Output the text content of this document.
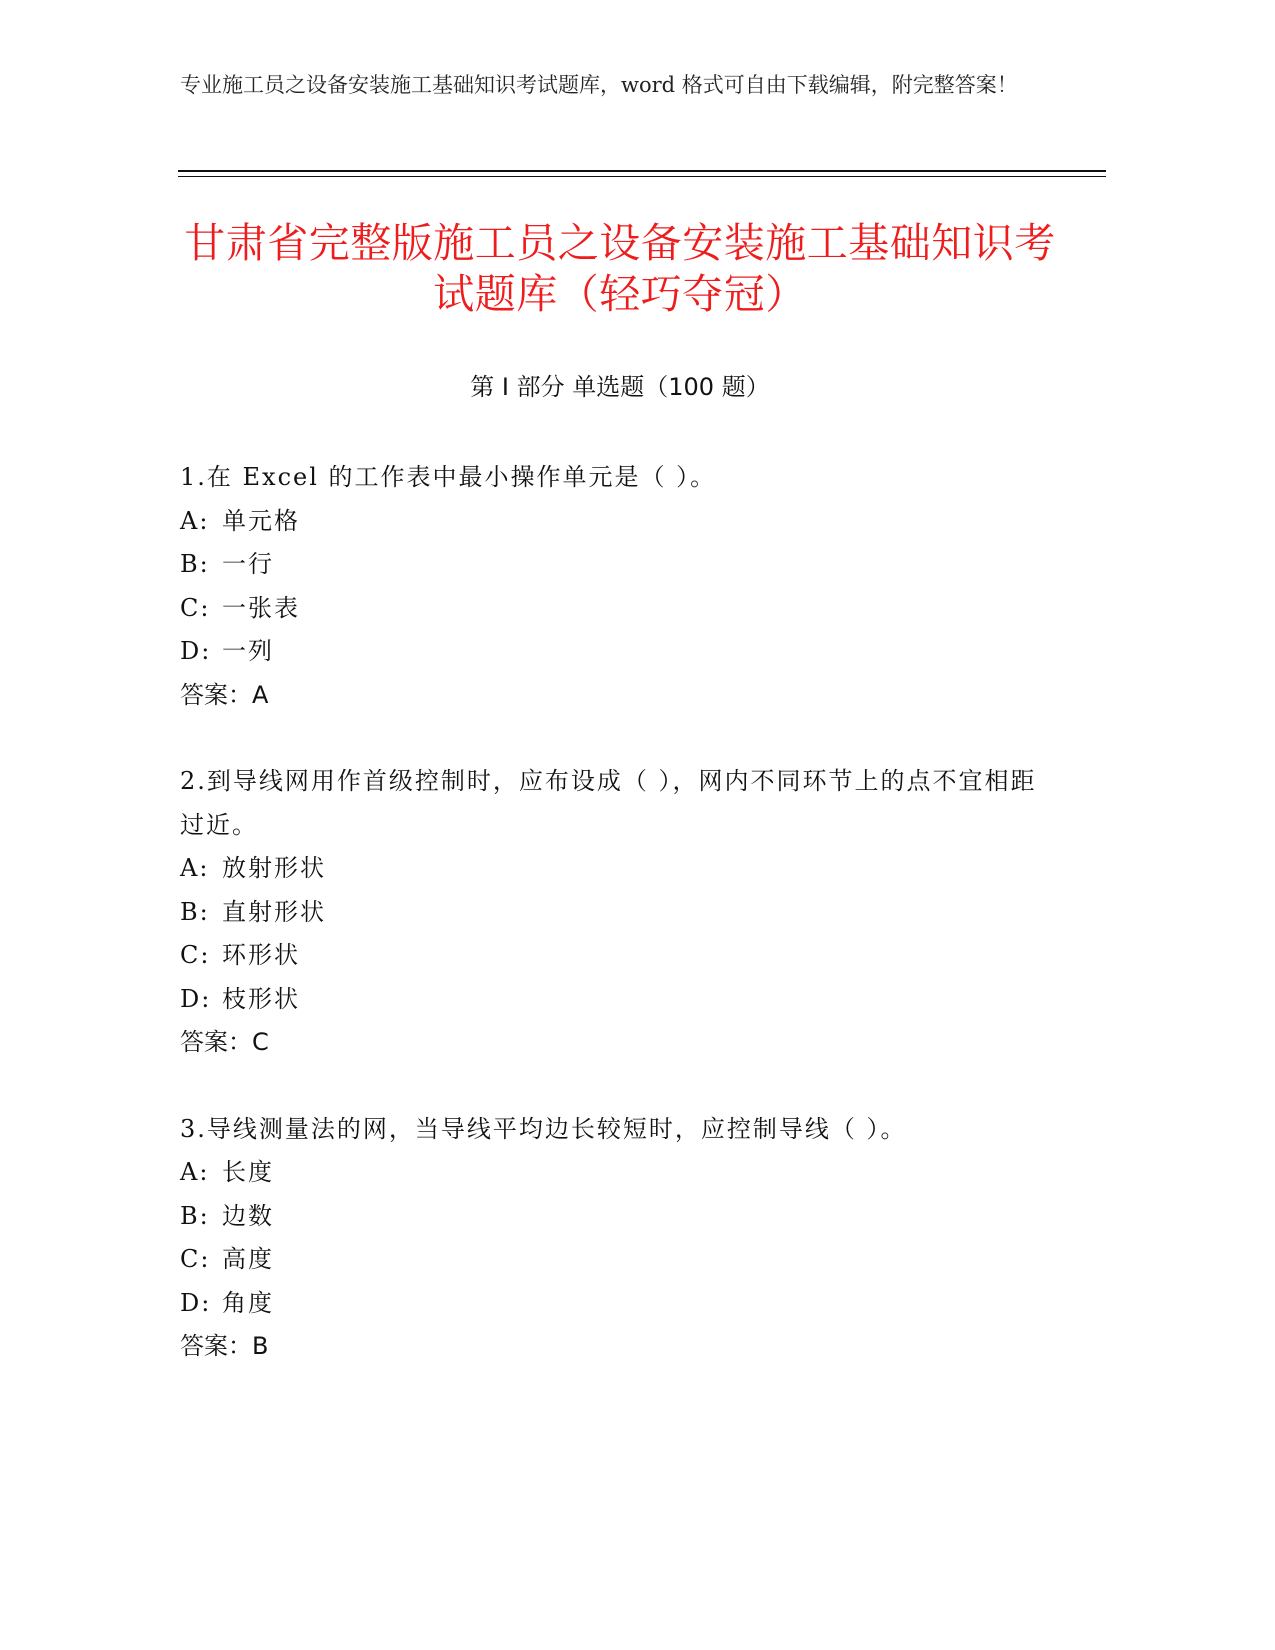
专业施工员之设备安装施工基础知识考试题库，word 格式可自由下载编辑，附完整答案！
甘肃省完整版施工员之设备安装施工基础知识考试题库（轻巧夺冠）
第 I 部分 单选题（100 题）
1.在 Excel 的工作表中最小操作单元是（ ）。
A: 单元格
B: 一行
C: 一张表
D: 一列
答案：A
2.到导线网用作首级控制时，应布设成（ ），网内不同环节上的点不宜相距过近。
A: 放射形状
B: 直射形状
C: 环形状
D: 枝形状
答案：C
3.导线测量法的网，当导线平均边长较短时，应控制导线（ ）。
A: 长度
B: 边数
C: 高度
D: 角度
答案：B
